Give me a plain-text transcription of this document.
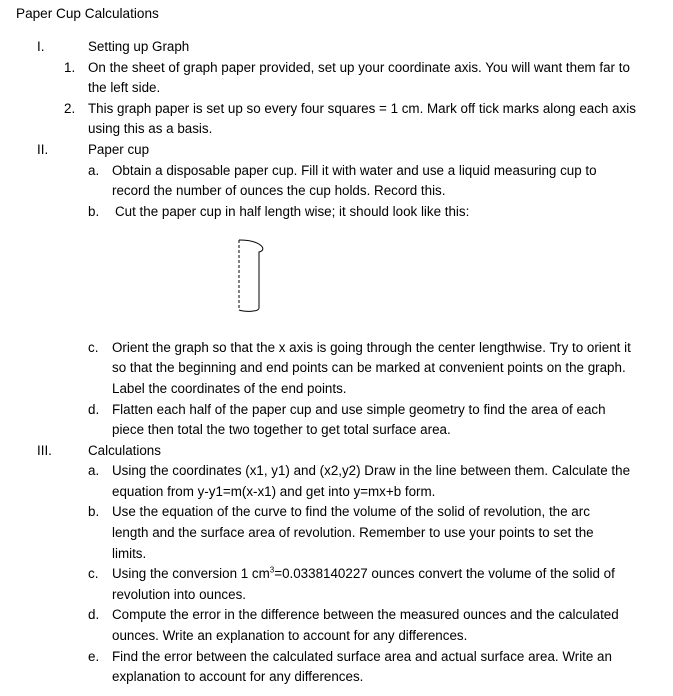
Paper Cup Calculations
I.	Setting up Graph
1. On the sheet of graph paper provided, set up your coordinate axis. You will want them far to
the left side.
2. This graph paper is set up so every four squares = 1 cm. Mark off tick marks along each axis
using this as a basis.
II.	Paper cup
a. Obtain a disposable paper cup. Fill it with water and use a liquid measuring cup to
record the number of ounces the cup holds. Record this.
b. Cut the paper cup in half length wise; it should look like this:
c. Orient the graph so that the x axis is going through the center lengthwise. Try to orient it
so that the beginning and end points can be marked at convenient points on the graph.
Label the coordinates of the end points.
d. Flatten each half of the paper cup and use simple geometry to find the area of each
piece then total the two together to get total surface area.
III.	Calculations
a. Using the coordinates (x1, y1) and (x2,y2) Draw in the line between them. Calculate the
equation from y-y1=m(x-x1) and get into y=mx+b form.
b. Use the equation of the curve to find the volume of the solid of revolution, the arc
length and the surface area of revolution. Remember to use your points to set the
limits.
c. Using the conversion 1 $cm^3=0.0338140227$ ounces convert the volume of the solid of
revolution into ounces.
d. Compute the error in the difference between the measured ounces and the calculated
ounces. Write an explanation to account for any differences.
e. Find the error between the calculated surface area and actual surface area. Write an
explanation to account for any differences.
